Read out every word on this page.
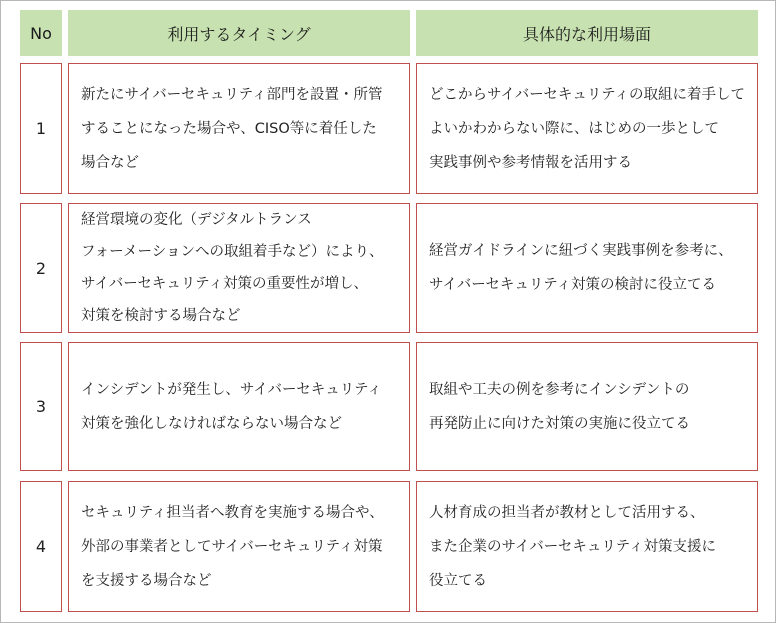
No	利用するタイミング	具体的な利用場面
1
新たにサイバーセキュリティ部門を設置・所管
することになった場合や、CISO等に着任した
場合など
どこからサイバーセキュリティの取組に着手して
よいかわからない際に、はじめの一歩として
実践事例や参考情報を活用する
2
経営環境の変化（デジタルトランス
フォーメーションへの取組着手など）により、
サイバーセキュリティ対策の重要性が増し、
対策を検討する場合など
経営ガイドラインに紐づく実践事例を参考に、
サイバーセキュリティ対策の検討に役立てる
3
インシデントが発生し、サイバーセキュリティ
対策を強化しなければならない場合など
取組や工夫の例を参考にインシデントの
再発防止に向けた対策の実施に役立てる
4
セキュリティ担当者へ教育を実施する場合や、
外部の事業者としてサイバーセキュリティ対策
を支援する場合など
人材育成の担当者が教材として活用する、
また企業のサイバーセキュリティ対策支援に
役立てる
